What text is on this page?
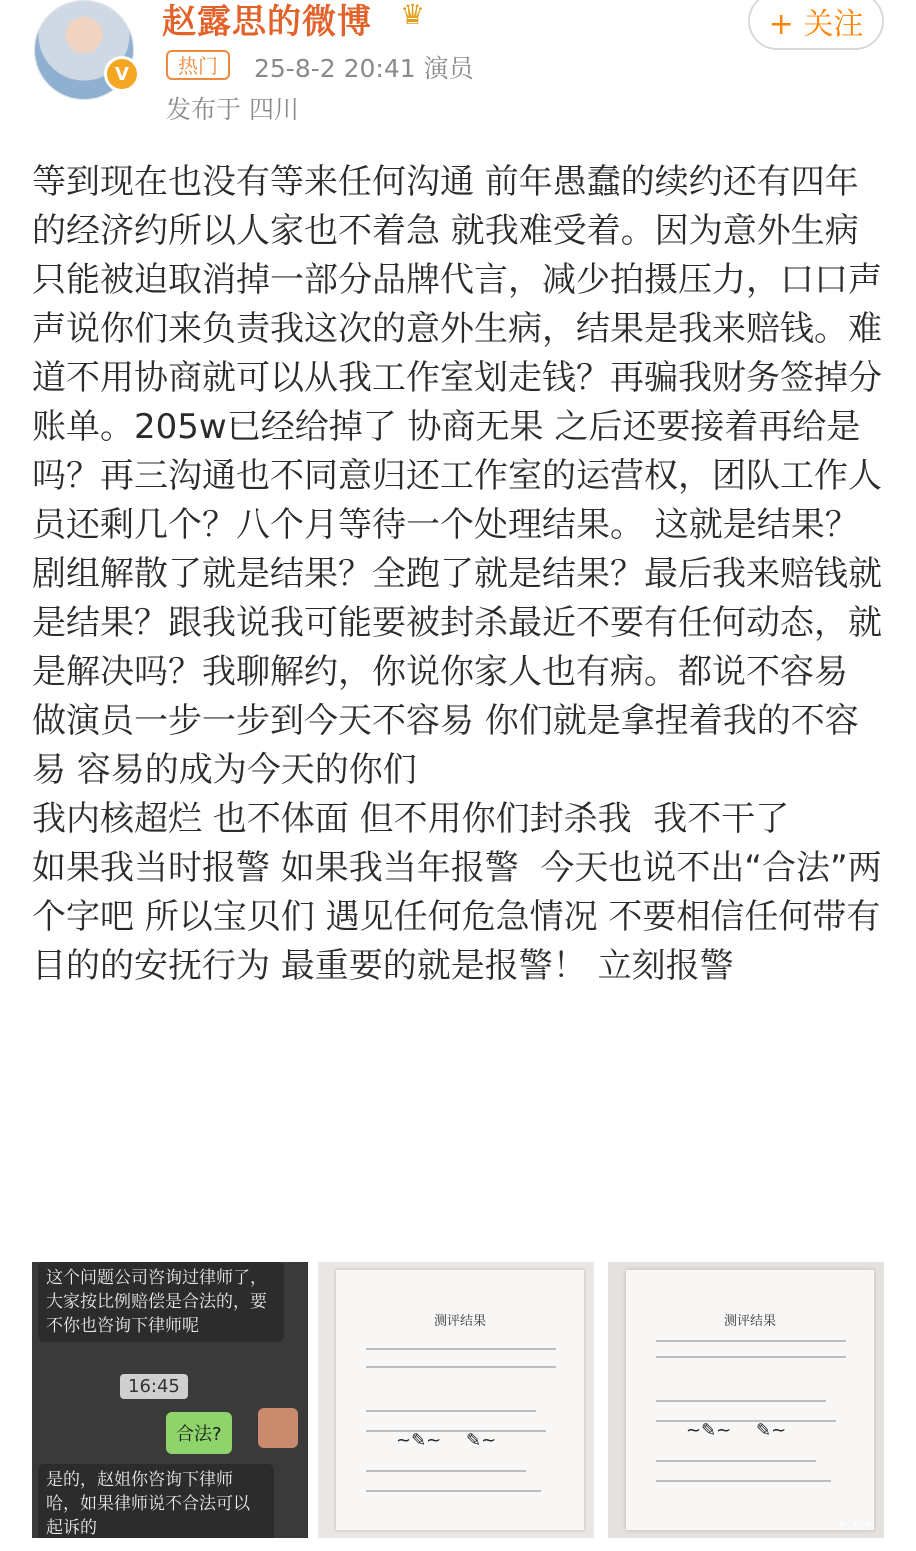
V
赵露思的微博 ♛	+ 关注
热门	25-8-2 20:41 演员
发布于 四川

等到现在也没有等来任何沟通 前年愚蠢的续约还有四年的经济约所以人家也不着急 就我难受着。因为意外生病只能被迫取消掉一部分品牌代言，减少拍摄压力，口口声声说你们来负责我这次的意外生病，结果是我来赔钱。难道不用协商就可以从我工作室划走钱？再骗我财务签掉分账单。205w已经给掉了 协商无果 之后还要接着再给是吗？再三沟通也不同意归还工作室的运营权，团队工作人员还剩几个？八个月等待一个处理结果。 这就是结果？剧组解散了就是结果？全跑了就是结果？最后我来赔钱就是结果？跟我说我可能要被封杀最近不要有任何动态，就是解决吗？我聊解约，你说你家人也有病。都说不容易 做演员一步一步到今天不容易 你们就是拿捏着我的不容易 容易的成为今天的你们

我内核超烂 也不体面 但不用你们封杀我  我不干了

如果我当时报警 如果我当年报警  今天也说不出“合法”两个字吧 所以宝贝们 遇见任何危急情况 不要相信任何带有目的的安抚行为 最重要的就是报警！ 立刻报警

这个问题公司咨询过律师了，大家按比例赔偿是合法的，要不你也咨询下律师呢
16:45
合法?
是的，赵姐你咨询下律师哈，如果律师说不合法可以起诉的
测评结果
~✎~ ✎~
测评结果
~✎~ ✎~
• • •
